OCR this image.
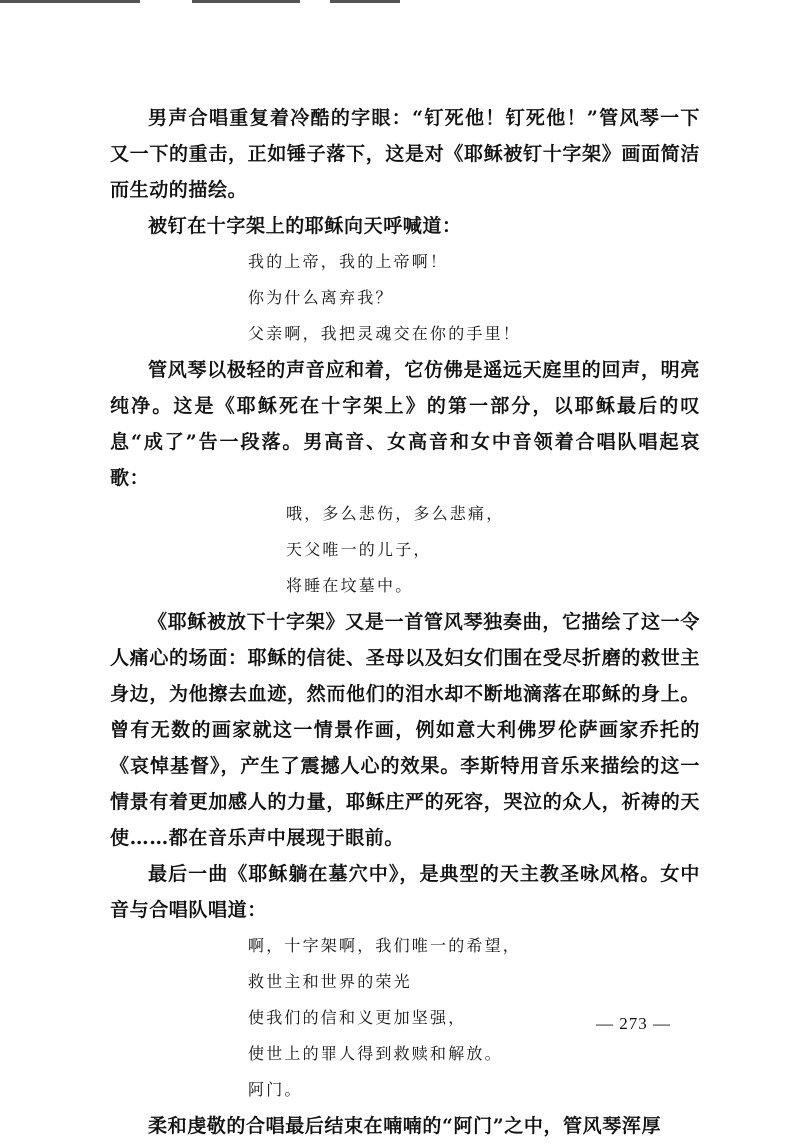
男声合唱重复着冷酷的字眼：“钉死他！钉死他！”管风琴一下又一下的重击，正如锤子落下，这是对《耶稣被钉十字架》画面简洁而生动的描绘。

被钉在十字架上的耶稣向天呼喊道：

我的上帝，我的上帝啊！

你为什么离弃我？

父亲啊，我把灵魂交在你的手里！

管风琴以极轻的声音应和着，它仿佛是遥远天庭里的回声，明亮纯净。这是《耶稣死在十字架上》的第一部分，以耶稣最后的叹息“成了”告一段落。男高音、女高音和女中音领着合唱队唱起哀歌：

哦，多么悲伤，多么悲痛，

天父唯一的儿子，

将睡在坟墓中。

《耶稣被放下十字架》又是一首管风琴独奏曲，它描绘了这一令人痛心的场面：耶稣的信徒、圣母以及妇女们围在受尽折磨的救世主身边，为他擦去血迹，然而他们的泪水却不断地滴落在耶稣的身上。曾有无数的画家就这一情景作画，例如意大利佛罗伦萨画家乔托的《哀悼基督》，产生了震撼人心的效果。李斯特用音乐来描绘的这一情景有着更加感人的力量，耶稣庄严的死容，哭泣的众人，祈祷的天使……都在音乐声中展现于眼前。

最后一曲《耶稣躺在墓穴中》，是典型的天主教圣咏风格。女中音与合唱队唱道：

啊，十字架啊，我们唯一的希望，

救世主和世界的荣光

使我们的信和义更加坚强，

使世上的罪人得到救赎和解放。

阿门。

柔和虔敬的合唱最后结束在喃喃的“阿门”之中，管风琴浑厚

— 273 —
